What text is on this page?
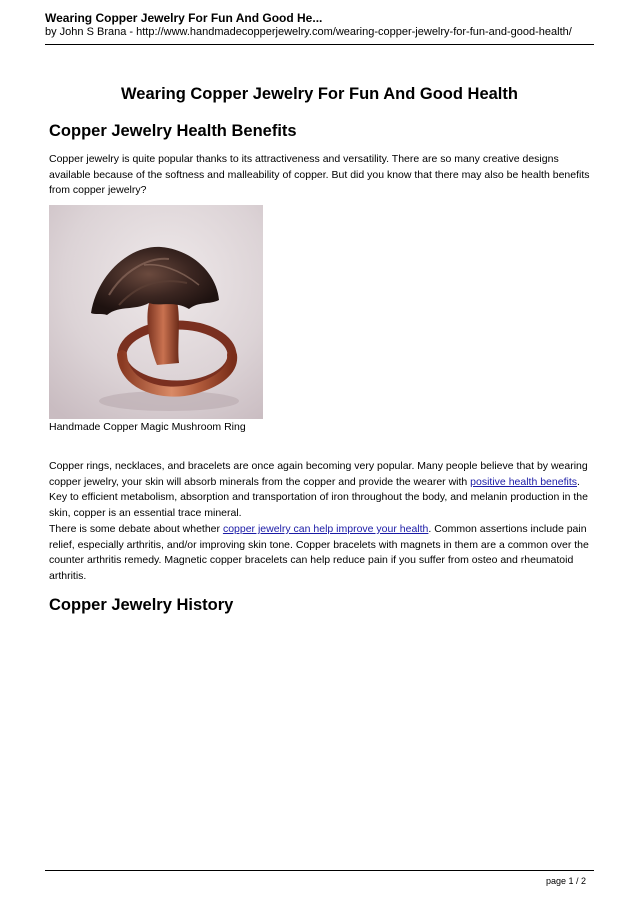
Wearing Copper Jewelry For Fun And Good He...
by John S Brana - http://www.handmadecopperjewelry.com/wearing-copper-jewelry-for-fun-and-good-health/
Wearing Copper Jewelry For Fun And Good Health
Copper Jewelry Health Benefits
Copper jewelry is quite popular thanks to its attractiveness and versatility. There are so many creative designs available because of the softness and malleability of copper. But did you know that there may also be health benefits from copper jewelry?
Handmade Copper Magic Mushroom Ring
Copper rings, necklaces, and bracelets are once again becoming very popular. Many people believe that by wearing copper jewelry, your skin will absorb minerals from the copper and provide the wearer with positive health benefits. Key to efficient metabolism, absorption and transportation of iron throughout the body, and melanin production in the skin, copper is an essential trace mineral.
There is some debate about whether copper jewelry can help improve your health. Common assertions include pain relief, especially arthritis, and/or improving skin tone. Copper bracelets with magnets in them are a common over the counter arthritis remedy. Magnetic copper bracelets can help reduce pain if you suffer from osteo and rheumatoid arthritis.
Copper Jewelry History
page 1 / 2
